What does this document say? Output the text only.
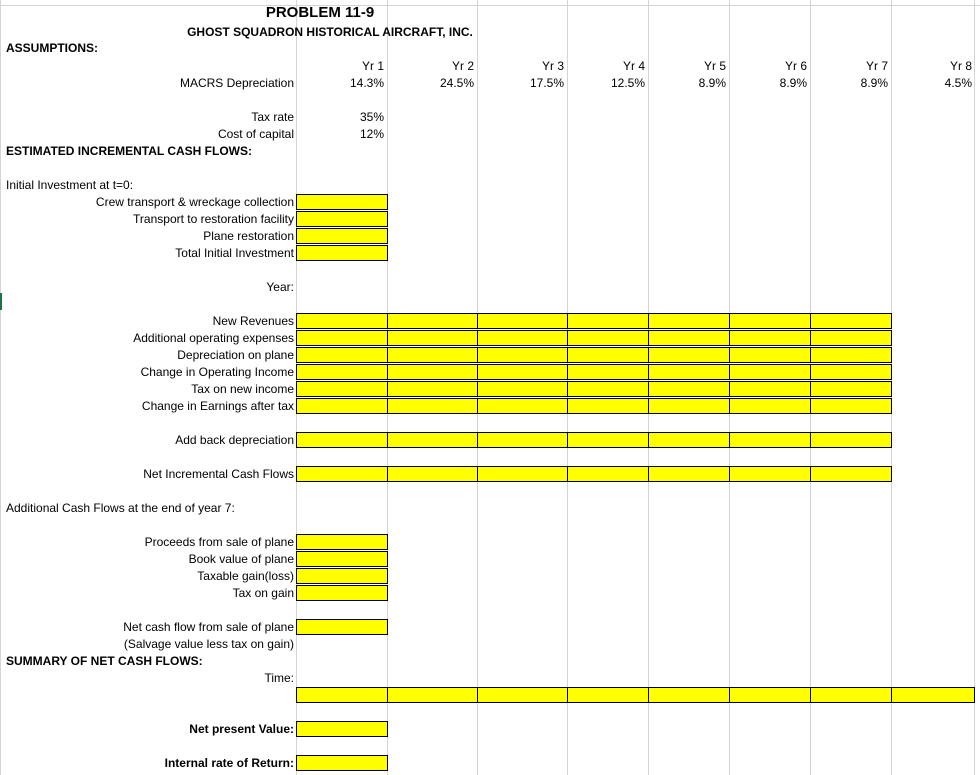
PROBLEM 11-9
GHOST SQUADRON HISTORICAL AIRCRAFT, INC.
ASSUMPTIONS:
Yr 1	Yr 2	Yr 3	Yr 4	Yr 5	Yr 6	Yr 7	Yr 8
MACRS Depreciation	14.3%	24.5%	17.5%	12.5%	8.9%	8.9%	8.9%	4.5%
Tax rate	35%
Cost of capital	12%
ESTIMATED INCREMENTAL CASH FLOWS:
Initial Investment at t=0:
Crew transport & wreckage collection
Transport to restoration facility
Plane restoration
Total Initial Investment
Year:
New Revenues
Additional operating expenses
Depreciation on plane
Change in Operating Income
Tax on new income
Change in Earnings after tax
Add back depreciation
Net Incremental Cash Flows
Additional Cash Flows at the end of year 7:
Proceeds from sale of plane
Book value of plane
Taxable gain(loss)
Tax on gain
Net cash flow from sale of plane
(Salvage value less tax on gain)
SUMMARY OF NET CASH FLOWS:
Time:
Net present Value:
Internal rate of Return:
